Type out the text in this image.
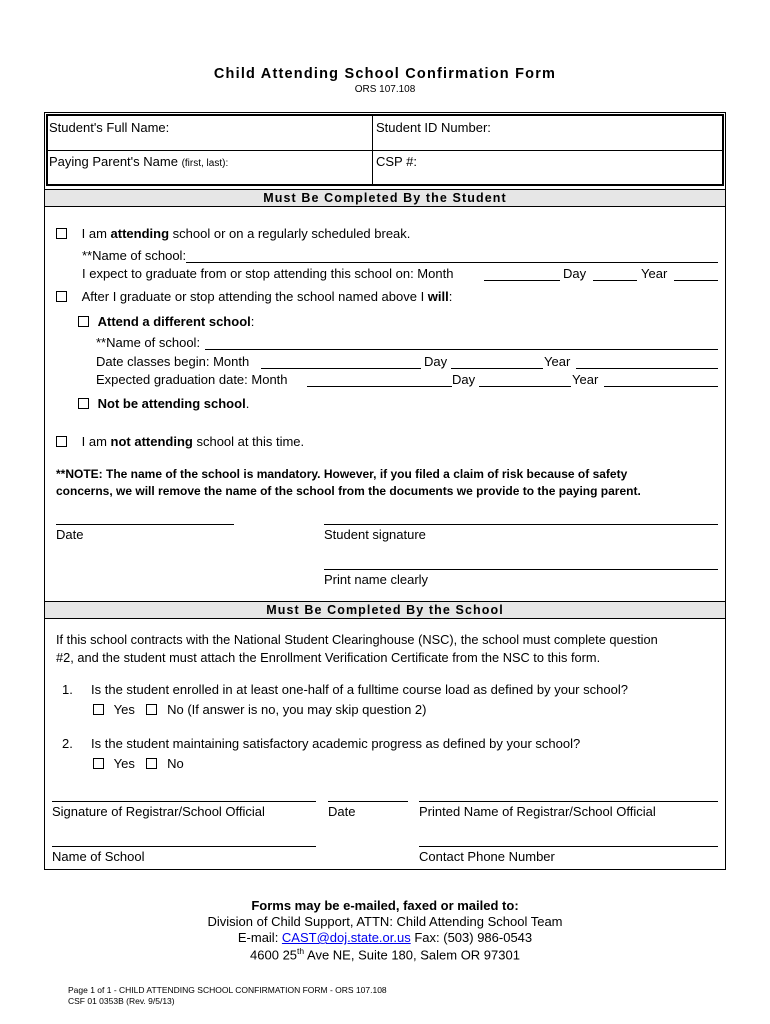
Child Attending School Confirmation Form
ORS 107.108
Student's Full Name:	Student ID Number:
Paying Parent's Name (first, last):	CSP #:
Must Be Completed By the Student
I am attending school or on a regularly scheduled break.
**Name of school:
I expect to graduate from or stop attending this school on: Month	Day	Year
After I graduate or stop attending the school named above I will:
Attend a different school:
**Name of school:
Date classes begin: Month	Day	Year
Expected graduation date: Month	Day	Year
Not be attending school.
I am not attending school at this time.
**NOTE: The name of the school is mandatory. However, if you filed a claim of risk because of safety
concerns, we will remove the name of the school from the documents we provide to the paying parent.
Date	Student signature
Print name clearly
Must Be Completed By the School
If this school contracts with the National Student Clearinghouse (NSC), the school must complete question
#2, and the student must attach the Enrollment Verification Certificate from the NSC to this form.
1. Is the student enrolled in at least one-half of a fulltime course load as defined by your school?
Yes No (If answer is no, you may skip question 2)
2. Is the student maintaining satisfactory academic progress as defined by your school?
Yes No
Signature of Registrar/School Official	Date	Printed Name of Registrar/School Official
Name of School	Contact Phone Number
Forms may be e-mailed, faxed or mailed to:
Division of Child Support, ATTN: Child Attending School Team
E-mail: CAST@doj.state.or.us Fax: (503) 986-0543
4600 25th Ave NE, Suite 180, Salem OR 97301
Page 1 of 1 - CHILD ATTENDING SCHOOL CONFIRMATION FORM - ORS 107.108
CSF 01 0353B (Rev. 9/5/13)
